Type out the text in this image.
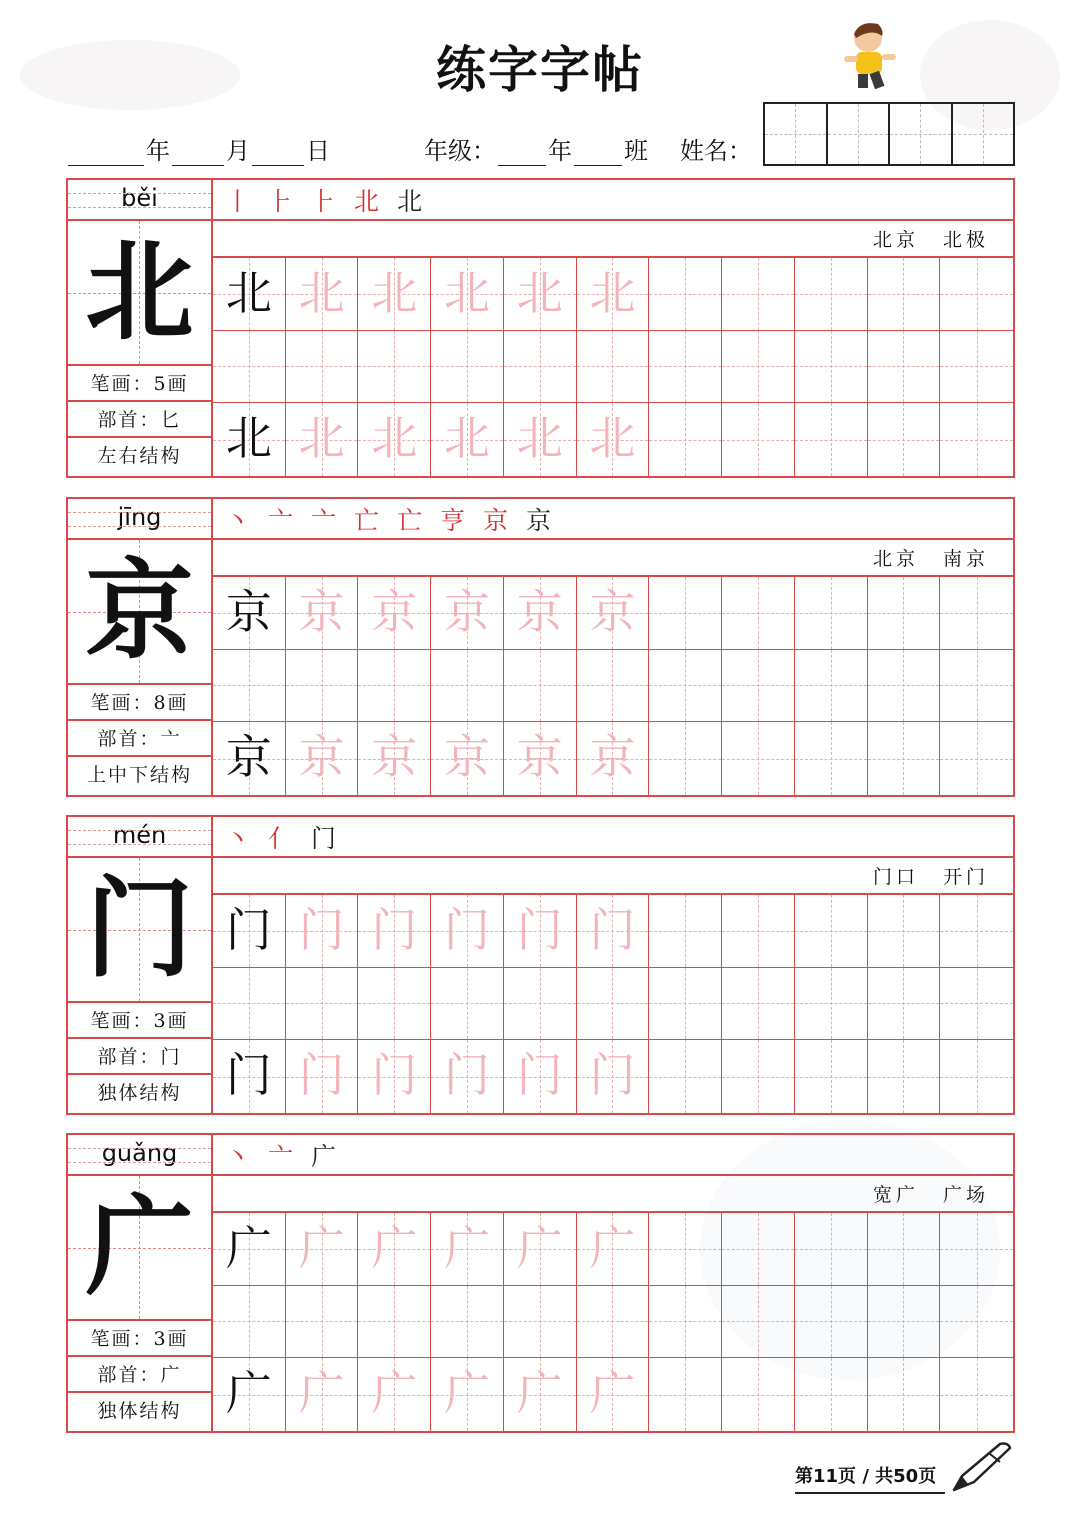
练字字帖
年 月 日	年级： 年 班 姓名：
běi
北
笔画：5画
部首：匕
左右结构
丨 ⺊ ⺊ 北 北
北京 北极
北 北 北 北 北 北
北 北 北 北 北 北
jīng
京
笔画：8画
部首：亠
上中下结构
丶 亠 亠 亡 亡 亨 京 京
北京 南京
京 京 京 京 京 京
京 京 京 京 京 京
mén
门
笔画：3画
部首：门
独体结构
丶 亻 门
门口 开门
门 门 门 门 门 门
门 门 门 门 门 门
guǎng
广
笔画：3画
部首：广
独体结构
丶 亠 广
宽广 广场
广 广 广 广 广 广
广 广 广 广 广 广
第11页 / 共50页
